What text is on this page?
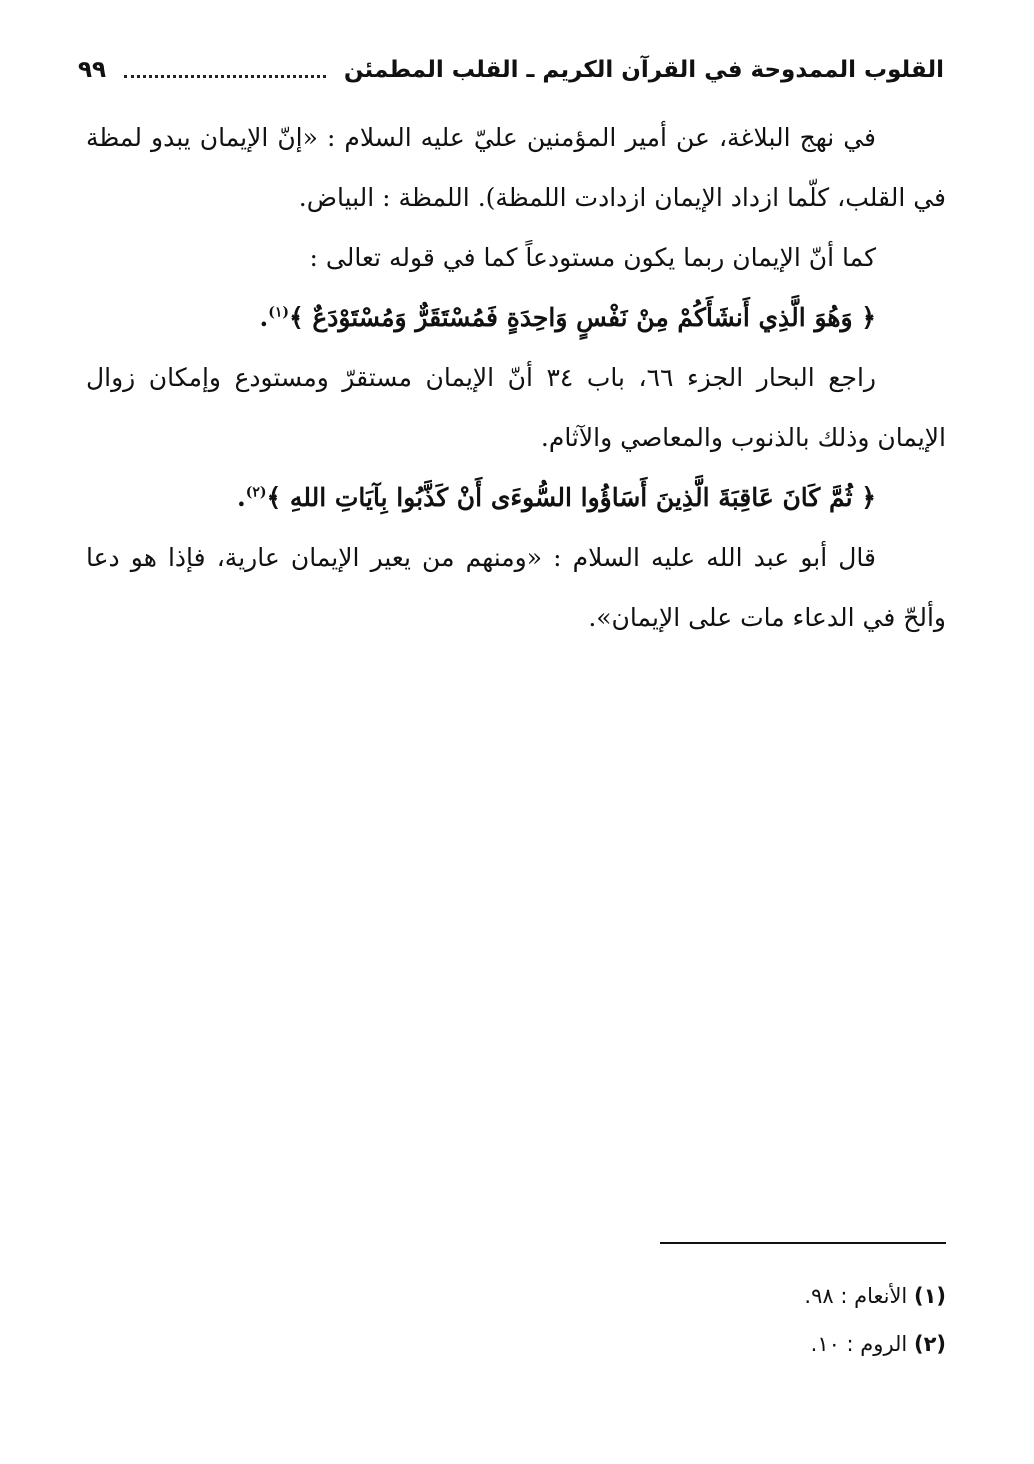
القلوب الممدوحة في القرآن الكريم ـ القلب المطمئن
٩٩

في نهج البلاغة، عن أمير المؤمنين عليّ عليه السلام : «إنّ الإيمان يبدو لمظة في القلب، كلّما ازداد الإيمان ازدادت اللمظة). اللمظة : البياض.

كما أنّ الإيمان ربما يكون مستودعاً كما في قوله تعالى :

﴿ وَهُوَ الَّذِي أَنشَأَكُمْ مِنْ نَفْسٍ وَاحِدَةٍ فَمُسْتَقَرٌّ وَمُسْتَوْدَعٌ ﴾$^{(١)}$.

راجع البحار الجزء ٦٦، باب ٣٤ أنّ الإيمان مستقرّ ومستودع وإمكان زوال الإيمان وذلك بالذنوب والمعاصي والآثام.

﴿ ثُمَّ كَانَ عَاقِبَةَ الَّذِينَ أَسَاؤُوا السُّوءَى أَنْ كَذَّبُوا بِآيَاتِ اللهِ ﴾$^{(٢)}$.

قال أبو عبد الله عليه السلام : «ومنهم من يعير الإيمان عارية، فإذا هو دعا وألحّ في الدعاء مات على الإيمان».

(١) الأنعام : ٩٨.

(٢) الروم : ١٠.
